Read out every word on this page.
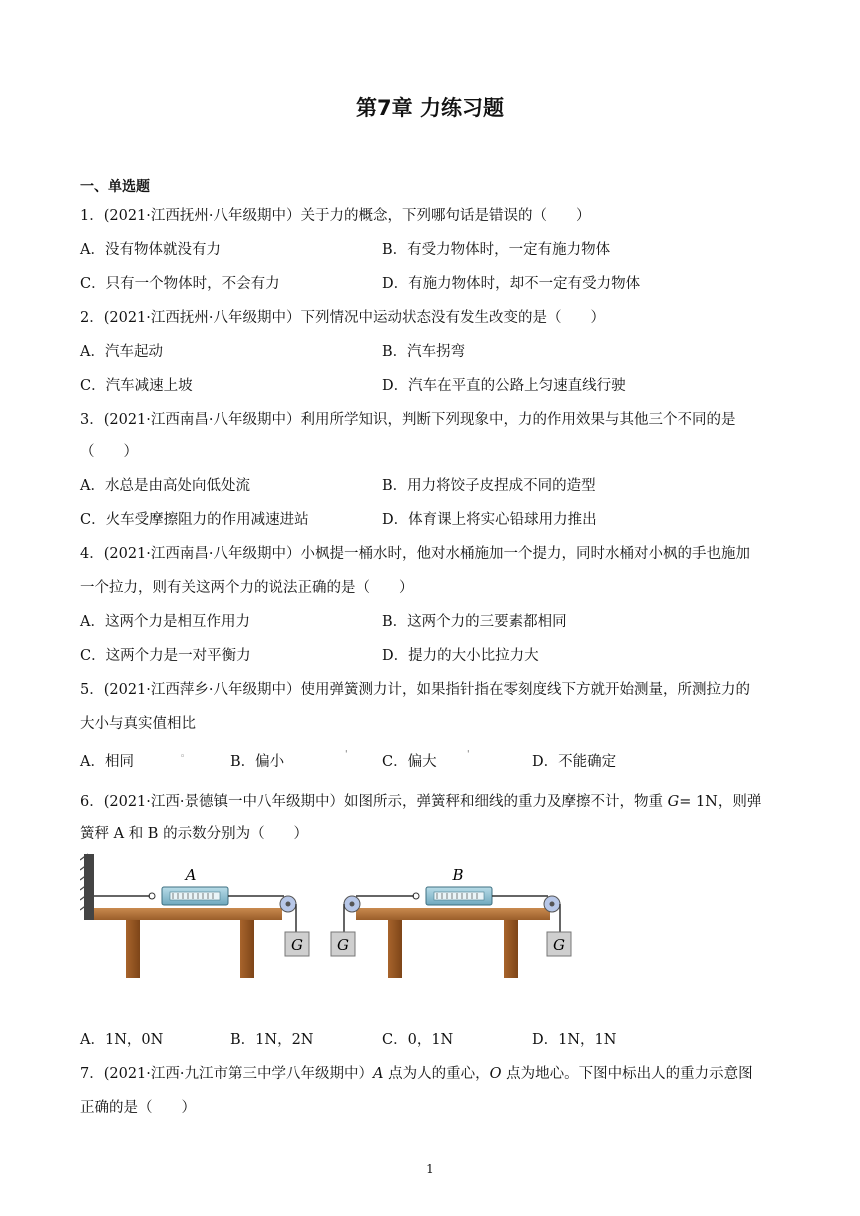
第7章 力练习题
一、单选题
1．(2021·江西抚州·八年级期中）关于力的概念，下列哪句话是错误的（　　）
A．没有物体就没有力	B．有受力物体时，一定有施力物体
C．只有一个物体时，不会有力	D．有施力物体时，却不一定有受力物体
2．(2021·江西抚州·八年级期中）下列情况中运动状态没有发生改变的是（　　）
A．汽车起动	B．汽车拐弯
C．汽车减速上坡	D．汽车在平直的公路上匀速直线行驶
3．(2021·江西南昌·八年级期中）利用所学知识，判断下列现象中，力的作用效果与其他三个不同的是
（　　）
A．水总是由高处向低处流	B．用力将饺子皮捏成不同的造型
C．火车受摩擦阻力的作用减速进站	D．体育课上将实心铅球用力推出
4．(2021·江西南昌·八年级期中）小枫提一桶水时，他对水桶施加一个提力，同时水桶对小枫的手也施加
一个拉力，则有关这两个力的说法正确的是（　　）
A．这两个力是相互作用力	B．这两个力的三要素都相同
C．这两个力是一对平衡力	D．提力的大小比拉力大
5．(2021·江西萍乡·八年级期中）使用弹簧测力计，如果指针指在零刻度线下方就开始测量，所测拉力的
大小与真实值相比
A．相同	◦	B．偏小	' C．偏大	'	D．不能确定
6．(2021·江西·景德镇一中八年级期中）如图所示，弹簧秤和细线的重力及摩擦不计，物重 G= 1N，则弹
簧秤 A 和 B 的示数分别为（　　）
A
G G
B
G
A．1N，0N	B．1N，2N	C．0，1N	D．1N，1N
7．(2021·江西·九江市第三中学八年级期中）A 点为人的重心，O 点为地心。下图中标出人的重力示意图
正确的是（　　）
1
